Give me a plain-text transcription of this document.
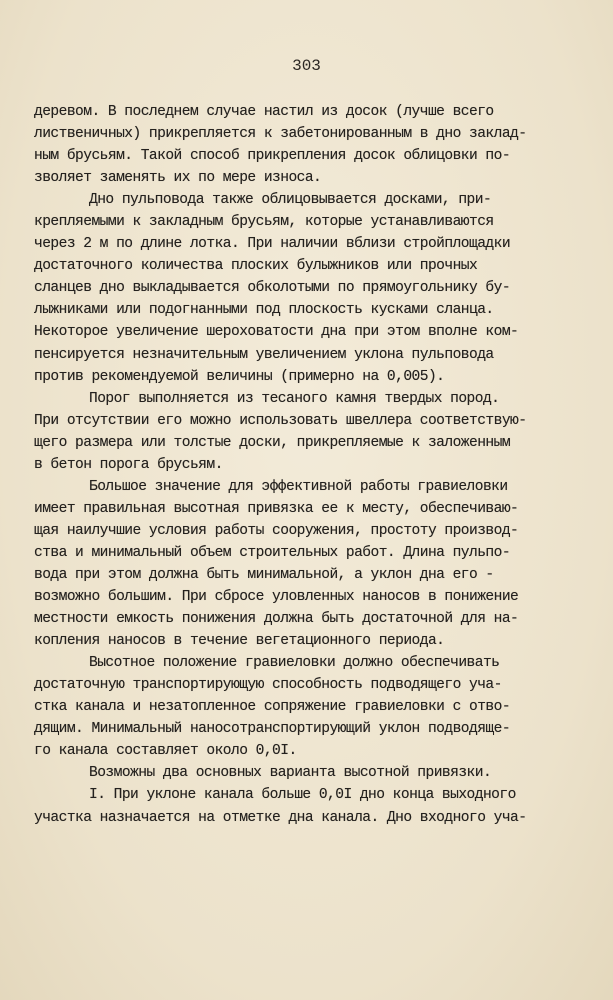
303
деревом. В последнем случае настил из досок (лучше всего
лиственичных) прикрепляется к забетонированным в дно заклад-
ным брусьям. Такой способ прикрепления досок облицовки по-
зволяет заменять их по мере износа.
Дно пульповода также облицовывается досками, при-
крепляемыми к закладным брусьям, которые устанавливаются
через 2 м по длине лотка. При наличии вблизи стройплощадки
достаточного количества плоских булыжников или прочных
сланцев дно выкладывается обколотыми по прямоугольнику бу-
лыжниками или подогнанными под плоскость кусками сланца.
Некоторое увеличение шероховатости дна при этом вполне ком-
пенсируется незначительным увеличением уклона пульповода
против рекомендуемой величины (примерно на 0,005).
Порог выполняется из тесаного камня твердых пород.
При отсутствии его можно использовать швеллера соответствую-
щего размера или толстые доски, прикрепляемые к заложенным
в бетон порога брусьям.
Большое значение для эффективной работы гравиеловки
имеет правильная высотная привязка ее к месту, обеспечиваю-
щая наилучшие условия работы сооружения, простоту производ-
ства и минимальный объем строительных работ. Длина пульпо-
вода при этом должна быть минимальной, а уклон дна его -
возможно большим. При сбросе уловленных наносов в понижение
местности емкость понижения должна быть достаточной для на-
копления наносов в течение вегетационного периода.
Высотное положение гравиеловки должно обеспечивать
достаточную транспортирующую способность подводящего уча-
стка канала и незатопленное сопряжение гравиеловки с отво-
дящим. Минимальный наносотранспортирующий уклон подводяще-
го канала составляет около 0,0I.
Возможны два основных варианта высотной привязки.
I. При уклоне канала больше 0,0I дно конца выходного
участка назначается на отметке дна канала. Дно входного уча-
